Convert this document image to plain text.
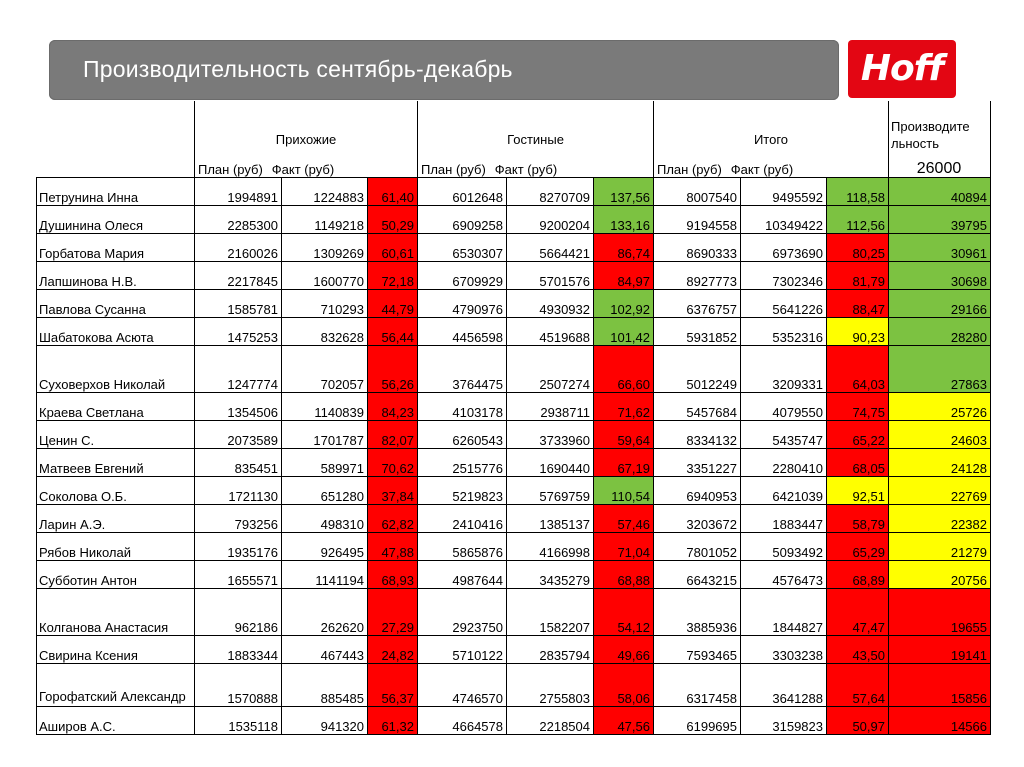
Производительность сентябрь-декабрь	Hoff
	Прихожие			Гостиные			Итого			Производите
льность
26000

	План (руб) Факт (руб)			План (руб) Факт (руб)			План (руб) Факт (руб)			
Петрунина Инна	1994891	1224883	61,40	6012648	8270709	137,56	8007540	9495592	118,58	40894
Душинина Олеся	2285300	1149218	50,29	6909258	9200204	133,16	9194558	10349422	112,56	39795
Горбатова Мария	2160026	1309269	60,61	6530307	5664421	86,74	8690333	6973690	80,25	30961
Лапшинова Н.В.	2217845	1600770	72,18	6709929	5701576	84,97	8927773	7302346	81,79	30698
Павлова Сусанна	1585781	710293	44,79	4790976	4930932	102,92	6376757	5641226	88,47	29166
Шабатокова Асюта	1475253	832628	56,44	4456598	4519688	101,42	5931852	5352316	90,23	28280
Суховерхов Николай	1247774	702057	56,26	3764475	2507274	66,60	5012249	3209331	64,03	27863
Краева Светлана	1354506	1140839	84,23	4103178	2938711	71,62	5457684	4079550	74,75	25726
Ценин С.	2073589	1701787	82,07	6260543	3733960	59,64	8334132	5435747	65,22	24603
Матвеев Евгений	835451	589971	70,62	2515776	1690440	67,19	3351227	2280410	68,05	24128
Соколова О.Б.	1721130	651280	37,84	5219823	5769759	110,54	6940953	6421039	92,51	22769
Ларин А.Э.	793256	498310	62,82	2410416	1385137	57,46	3203672	1883447	58,79	22382
Рябов Николай	1935176	926495	47,88	5865876	4166998	71,04	7801052	5093492	65,29	21279
Субботин Антон	1655571	1141194	68,93	4987644	3435279	68,88	6643215	4576473	68,89	20756
Колганова Анастасия	962186	262620	27,29	2923750	1582207	54,12	3885936	1844827	47,47	19655
Свирина Ксения	1883344	467443	24,82	5710122	2835794	49,66	7593465	3303238	43,50	19141
Горофатский Александр	1570888	885485	56,37	4746570	2755803	58,06	6317458	3641288	57,64	15856
Аширов А.С.	1535118	941320	61,32	4664578	2218504	47,56	6199695	3159823	50,97	14566
